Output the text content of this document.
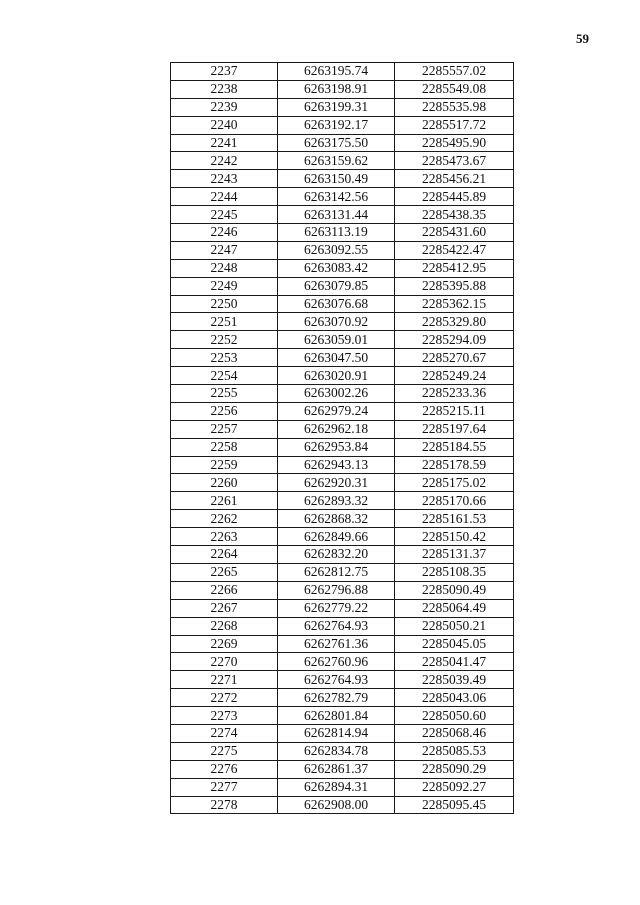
59
2237	6263195.74	2285557.02
2238	6263198.91	2285549.08
2239	6263199.31	2285535.98
2240	6263192.17	2285517.72
2241	6263175.50	2285495.90
2242	6263159.62	2285473.67
2243	6263150.49	2285456.21
2244	6263142.56	2285445.89
2245	6263131.44	2285438.35
2246	6263113.19	2285431.60
2247	6263092.55	2285422.47
2248	6263083.42	2285412.95
2249	6263079.85	2285395.88
2250	6263076.68	2285362.15
2251	6263070.92	2285329.80
2252	6263059.01	2285294.09
2253	6263047.50	2285270.67
2254	6263020.91	2285249.24
2255	6263002.26	2285233.36
2256	6262979.24	2285215.11
2257	6262962.18	2285197.64
2258	6262953.84	2285184.55
2259	6262943.13	2285178.59
2260	6262920.31	2285175.02
2261	6262893.32	2285170.66
2262	6262868.32	2285161.53
2263	6262849.66	2285150.42
2264	6262832.20	2285131.37
2265	6262812.75	2285108.35
2266	6262796.88	2285090.49
2267	6262779.22	2285064.49
2268	6262764.93	2285050.21
2269	6262761.36	2285045.05
2270	6262760.96	2285041.47
2271	6262764.93	2285039.49
2272	6262782.79	2285043.06
2273	6262801.84	2285050.60
2274	6262814.94	2285068.46
2275	6262834.78	2285085.53
2276	6262861.37	2285090.29
2277	6262894.31	2285092.27
2278	6262908.00	2285095.45
